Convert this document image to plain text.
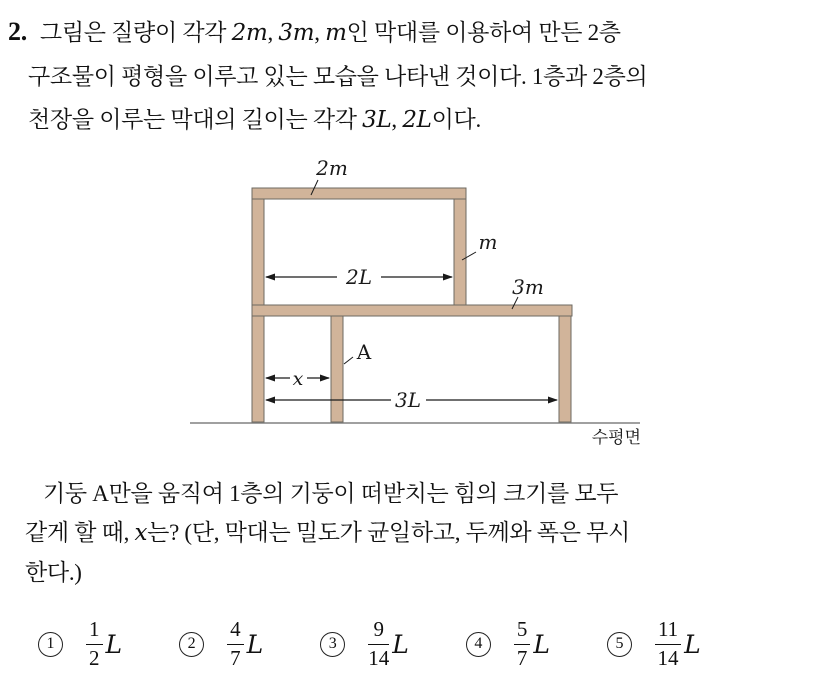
2. 그림은 질량이 각각 2m, 3m, m인 막대를 이용하여 만든 2층
구조물이 평형을 이루고 있는 모습을 나타낸 것이다. 1층과 2층의
천장을 이루는 막대의 길이는 각각 3L, 2L이다.
2L
x
3L
2m
m
3m
A
수평면
기둥 A만을 움직여 1층의 기둥이 떠받치는 힘의 크기를 모두
같게 할 때, x는? (단, 막대는 밀도가 균일하고, 두께와 폭은 무시
한다.)
1	$\frac{1}{2}$ L	2	$\frac{4}{7}$ L	3	$\frac{9}{14}$ L	4	$\frac{5}{7}$ L	5	$\frac{11}{14}$ L
